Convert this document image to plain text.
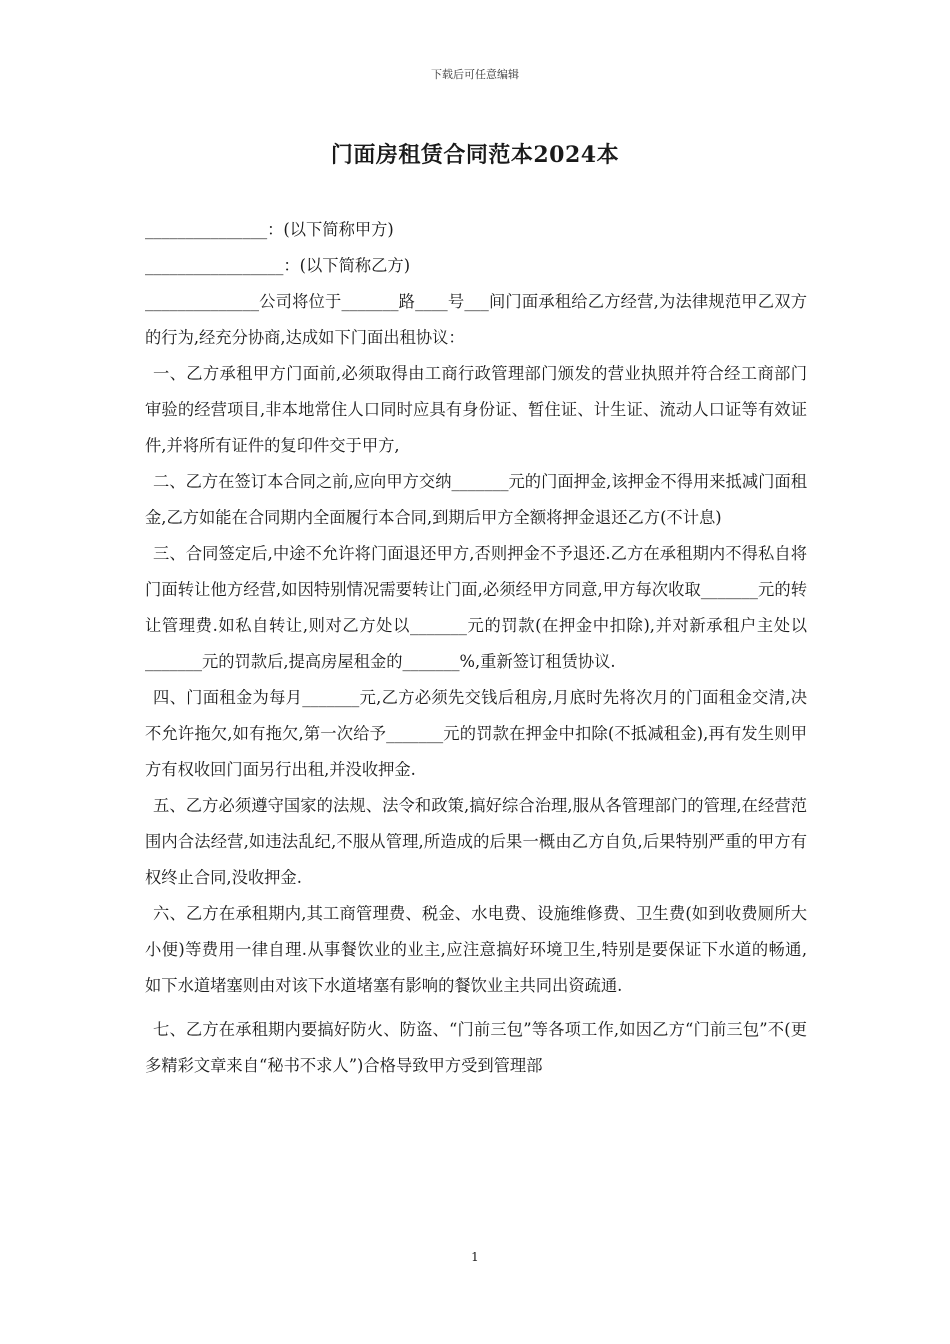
下载后可任意编辑
门面房租赁合同范本2024本
_______________：(以下简称甲方)
_________________：(以下简称乙方)

______________公司将位于_______路____号___间门面承租给乙方经营,为法律规范甲乙双方的行为,经充分协商,达成如下门面出租协议：

一、乙方承租甲方门面前,必须取得由工商行政管理部门颁发的营业执照并符合经工商部门审验的经营项目,非本地常住人口同时应具有身份证、暂住证、计生证、流动人口证等有效证件,并将所有证件的复印件交于甲方,

二、乙方在签订本合同之前,应向甲方交纳_______元的门面押金,该押金不得用来抵减门面租金,乙方如能在合同期内全面履行本合同,到期后甲方全额将押金退还乙方(不计息)

三、合同签定后,中途不允许将门面退还甲方,否则押金不予退还.乙方在承租期内不得私自将门面转让他方经营,如因特别情况需要转让门面,必须经甲方同意,甲方每次收取_______元的转让管理费.如私自转让,则对乙方处以_______元的罚款(在押金中扣除),并对新承租户主处以_______元的罚款后,提高房屋租金的_______%,重新签订租赁协议.

四、门面租金为每月_______元,乙方必须先交钱后租房,月底时先将次月的门面租金交清,决不允许拖欠,如有拖欠,第一次给予_______元的罚款在押金中扣除(不抵减租金),再有发生则甲方有权收回门面另行出租,并没收押金.

五、乙方必须遵守国家的法规、法令和政策,搞好综合治理,服从各管理部门的管理,在经营范围内合法经营,如违法乱纪,不服从管理,所造成的后果一概由乙方自负,后果特别严重的甲方有权终止合同,没收押金.

六、乙方在承租期内,其工商管理费、税金、水电费、设施维修费、卫生费(如到收费厕所大小便)等费用一律自理.从事餐饮业的业主,应注意搞好环境卫生,特别是要保证下水道的畅通,如下水道堵塞则由对该下水道堵塞有影响的餐饮业主共同出资疏通.

七、乙方在承租期内要搞好防火、防盗、“门前三包”等各项工作,如因乙方“门前三包”不(更多精彩文章来自“秘书不求人”)合格导致甲方受到管理部

1
